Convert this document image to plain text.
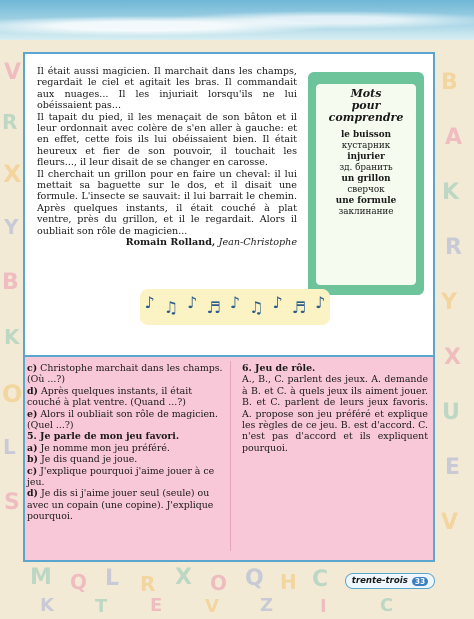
V
R
X
Y
B
K
O
L
S
B
A
K
R
Y
X
U
E
V
M Q L R X O Q H C
K T E V Z	I	C

Il était aussi magicien. Il marchait dans les champs, regardait le ciel et agitait les bras. Il commandait aux nuages... Il les injuriait lorsqu'ils ne lui obéissaient pas...

Il tapait du pied, il les menaçait de son bâton et il leur ordonnait avec colère de s'en aller à gauche: et en effet, cette fois ils lui obéissaient bien. Il était heureux et fier de son pouvoir, il touchait les fleurs..., il leur disait de se changer en carosse.

Il cherchait un grillon pour en faire un cheval: il lui mettait sa baguette sur le dos, et il disait une formule. L'insecte se sauvait: il lui barrait le chemin. Après quelques instants, il était couché à plat ventre, près du grillon, et il le regardait. Alors il oubliait son rôle de magicien...

Romain Rolland, Jean-Christophe

Mots
pour comprendre
le buisson
кустарник
injurier
зд. бранить
un grillon
сверчок
une formule
заклинание
♪ ♫ ♪ ♬ ♪ ♫ ♪ ♬ ♪

c) Christophe marchait dans les champs. (Où ...?)

d) Après quelques instants, il était couché à plat ventre. (Quand ...?)

e) Alors il oubliait son rôle de magicien. (Quel ...?)

5. Je parle de mon jeu favori.

a) Je nomme mon jeu préféré.

b) Je dis quand je joue.

c) J'explique pourquoi j'aime jouer à ce jeu.

d) Je dis si j'aime jouer seul (seule) ou avec un copain (une copine). J'explique pourquoi.

6. Jeu de rôle.

A., B., C. parlent des jeux. A. demande à B. et C. à quels jeux ils aiment jouer. B. et C. parlent de leurs jeux favoris. A. propose son jeu préféré et explique les règles de ce jeu. B. est d'accord. C. n'est pas d'accord et ils expliquent pourquoi.

trente-trois 33
